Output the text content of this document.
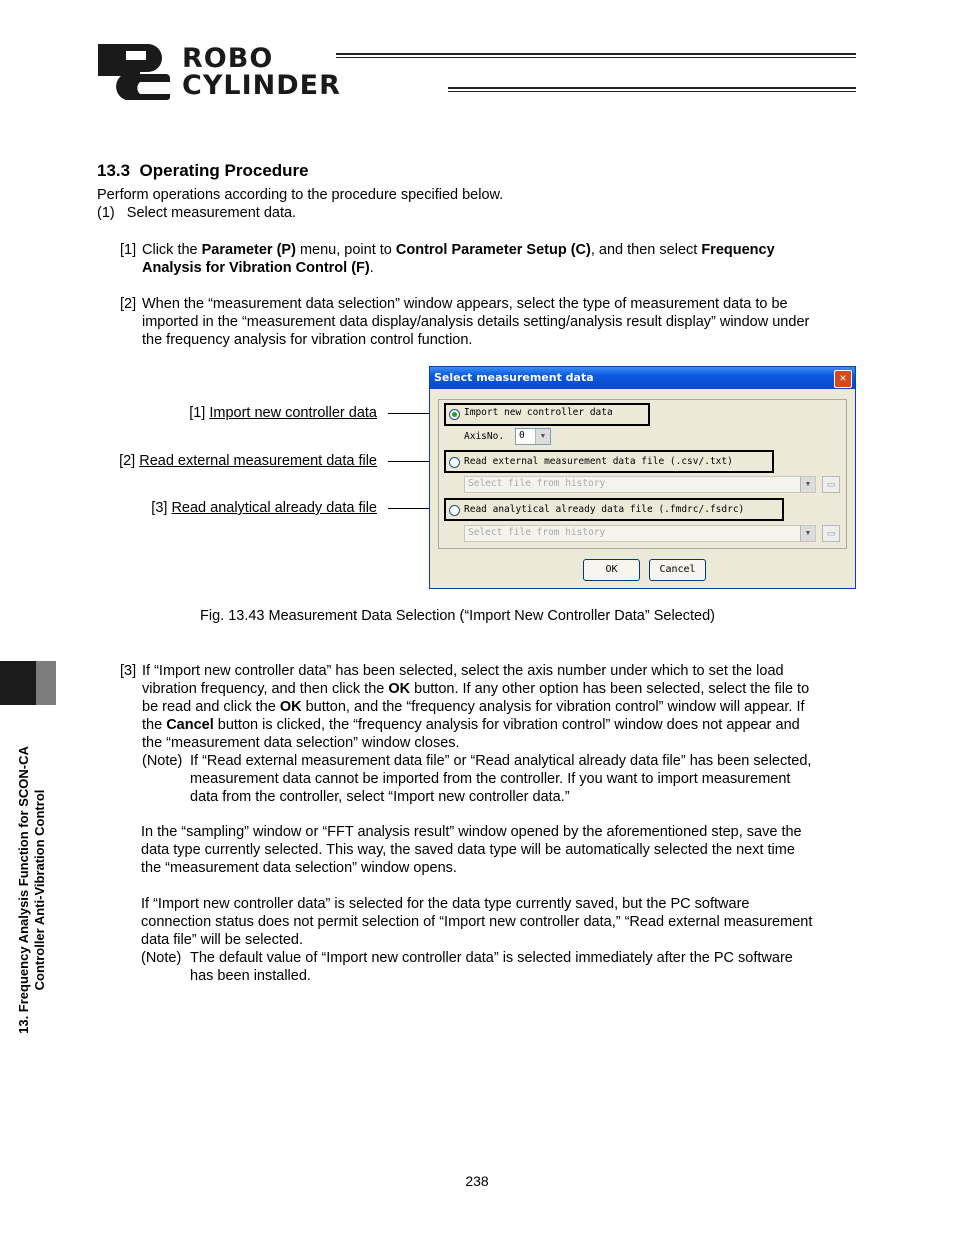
ROBO
CYLINDER
13. Frequency Analysis Function for SCON-CA Controller Anti-Vibration Control
13.3  Operating Procedure
Perform operations according to the procedure specified below.
(1)   Select measurement data.
[1] Click the Parameter (P) menu, point to Control Parameter Setup (C), and then select Frequency
Analysis for Vibration Control (F).
[2] When the “measurement data selection” window appears, select the type of measurement data to be
imported in the “measurement data display/analysis details setting/analysis result display” window under
the frequency analysis for vibration control function.
[1] Import new controller data
[2] Read external measurement data file
[3] Read analytical already data file
Select measurement data	×
Import new controller data
AxisNo. 0	▼
Read external measurement data file (.csv/.txt)
Select file from history	▼	▭
Read analytical already data file (.fmdrc/.fsdrc)
Select file from history	▼	▭
OK	Cancel
Fig. 13.43 Measurement Data Selection (“Import New Controller Data” Selected)
[3] If “Import new controller data” has been selected, select the axis number under which to set the load
vibration frequency, and then click the OK button. If any other option has been selected, select the file to
be read and click the OK button, and the “frequency analysis for vibration control” window will appear. If
the Cancel button is clicked, the “frequency analysis for vibration control” window does not appear and
the “measurement data selection” window closes.
(Note) If “Read external measurement data file” or “Read analytical already data file” has been selected,
measurement data cannot be imported from the controller. If you want to import measurement
data from the controller, select “Import new controller data.”
In the “sampling” window or “FFT analysis result” window opened by the aforementioned step, save the
data type currently selected. This way, the saved data type will be automatically selected the next time
the “measurement data selection” window opens.
If “Import new controller data” is selected for the data type currently saved, but the PC software
connection status does not permit selection of “Import new controller data,” “Read external measurement
data file” will be selected.
(Note) The default value of “Import new controller data” is selected immediately after the PC software
has been installed.
238
